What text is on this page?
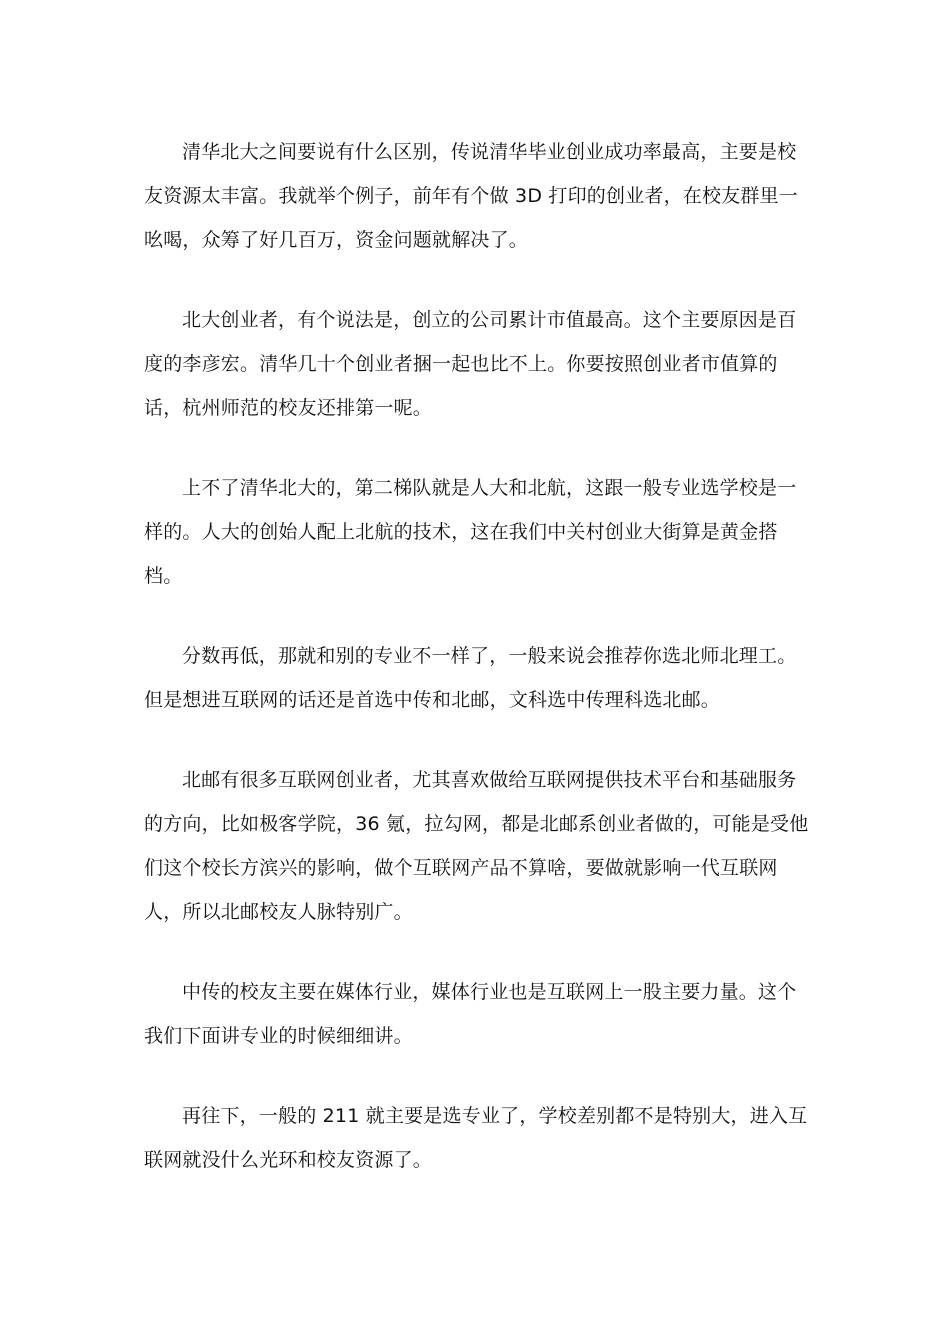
清华北大之间要说有什么区别，传说清华毕业创业成功率最高，主要是校友资源太丰富。我就举个例子，前年有个做 3D 打印的创业者，在校友群里一吆喝，众筹了好几百万，资金问题就解决了。

北大创业者，有个说法是，创立的公司累计市值最高。这个主要原因是百度的李彦宏。清华几十个创业者捆一起也比不上。你要按照创业者市值算的话，杭州师范的校友还排第一呢。

上不了清华北大的，第二梯队就是人大和北航，这跟一般专业选学校是一样的。人大的创始人配上北航的技术，这在我们中关村创业大街算是黄金搭档。

分数再低，那就和别的专业不一样了，一般来说会推荐你选北师北理工。但是想进互联网的话还是首选中传和北邮，文科选中传理科选北邮。

北邮有很多互联网创业者，尤其喜欢做给互联网提供技术平台和基础服务的方向，比如极客学院，36 氪，拉勾网，都是北邮系创业者做的，可能是受他们这个校长方滨兴的影响，做个互联网产品不算啥，要做就影响一代互联网人，所以北邮校友人脉特别广。

中传的校友主要在媒体行业，媒体行业也是互联网上一股主要力量。这个我们下面讲专业的时候细细讲。

再往下，一般的 211 就主要是选专业了，学校差别都不是特别大，进入互联网就没什么光环和校友资源了。
